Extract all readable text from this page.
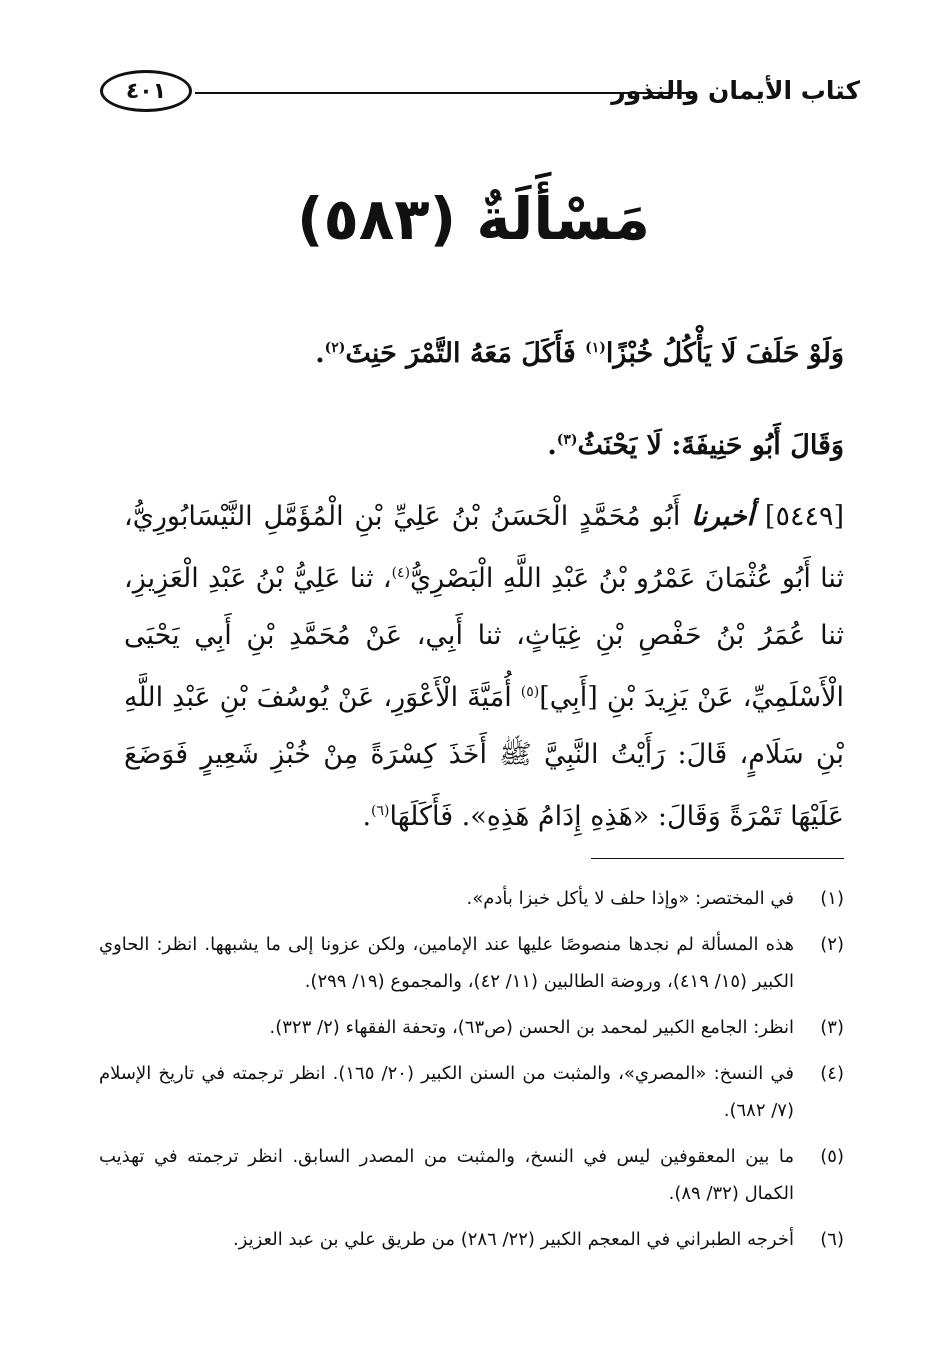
كتاب الأيمان والنذور
٤٠١
مَسْأَلَةٌ (٥٨٣)
وَلَوْ حَلَفَ لَا يَأْكُلُ خُبْزًا$^{(١)}$ فَأَكَلَ مَعَهُ التَّمْرَ حَنِثَ$^{(٢)}$.
وَقَالَ أَبُو حَنِيفَةَ: لَا يَحْنَثُ$^{(٣)}$.
[٥٤٤٩] أخبرنا أَبُو مُحَمَّدٍ الْحَسَنُ بْنُ عَلِيِّ بْنِ الْمُؤَمَّلِ النَّيْسَابُورِيُّ، ثنا أَبُو عُثْمَانَ عَمْرُو بْنُ عَبْدِ اللَّهِ الْبَصْرِيُّ$^{(٤)}$، ثنا عَلِيُّ بْنُ عَبْدِ الْعَزِيزِ، ثنا عُمَرُ بْنُ حَفْصِ بْنِ غِيَاثٍ، ثنا أَبِي، عَنْ مُحَمَّدِ بْنِ أَبِي يَحْيَى الْأَسْلَمِيِّ، عَنْ يَزِيدَ بْنِ [أَبِي]$^{(٥)}$ أُمَيَّةَ الْأَعْوَرِ، عَنْ يُوسُفَ بْنِ عَبْدِ اللَّهِ بْنِ سَلَامٍ، قَالَ: رَأَيْتُ النَّبِيَّ ﷺ أَخَذَ كِسْرَةً مِنْ خُبْزِ شَعِيرٍ فَوَضَعَ عَلَيْهَا تَمْرَةً وَقَالَ: «هَذِهِ إِدَامُ هَذِهِ». فَأَكَلَهَا$^{(٦)}$.
(١)
في المختصر: «وإذا حلف لا يأكل خبزا بأدم».
(٢)
هذه المسألة لم نجدها منصوصًا عليها عند الإمامين، ولكن عزونا إلى ما يشبهها. انظر: الحاوي الكبير (١٥/ ٤١٩)، وروضة الطالبين (١١/ ٤٢)، والمجموع (١٩/ ٢٩٩).
(٣)
انظر: الجامع الكبير لمحمد بن الحسن (ص٦٣)، وتحفة الفقهاء (٢/ ٣٢٣).
(٤)
في النسخ: «المصري»، والمثبت من السنن الكبير (٢٠/ ١٦٥). انظر ترجمته في تاريخ الإسلام (٧/ ٦٨٢).
(٥)
ما بين المعقوفين ليس في النسخ، والمثبت من المصدر السابق. انظر ترجمته في تهذيب الكمال (٣٢/ ٨٩).
(٦)
أخرجه الطبراني في المعجم الكبير (٢٢/ ٢٨٦) من طريق علي بن عبد العزيز.
